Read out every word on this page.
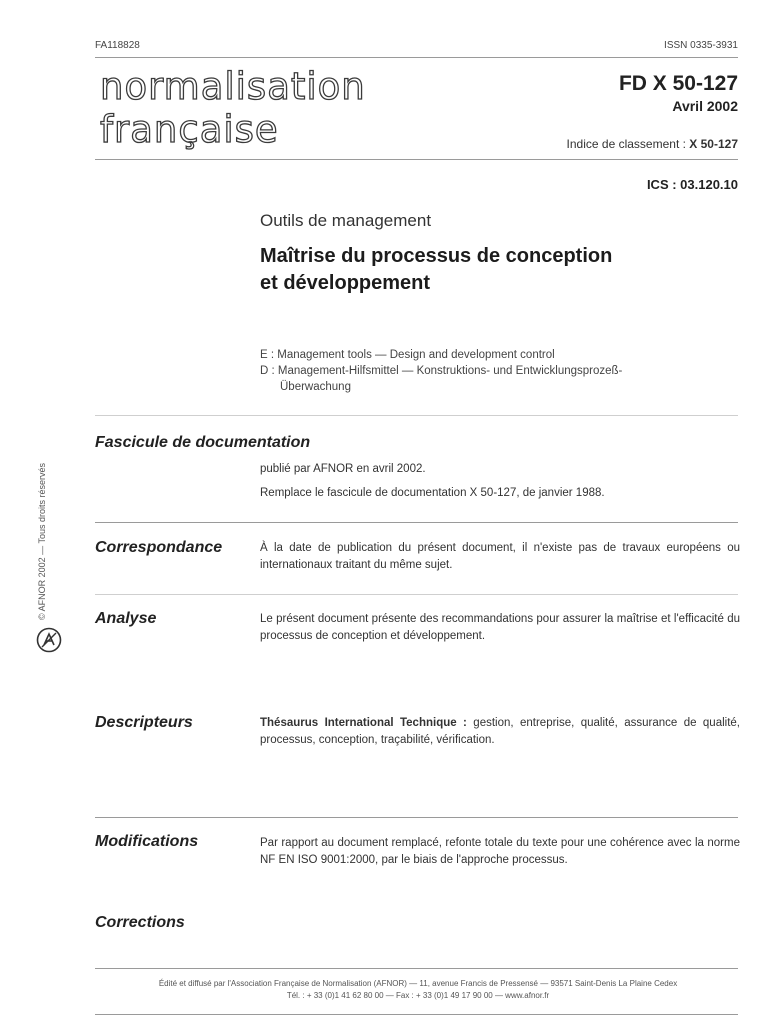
FA118828	ISSN 0335-3931
normalisation
française
FD X 50-127
Avril 2002
Indice de classement : X 50-127
ICS : 03.120.10
Outils de management
Maîtrise du processus de conception
et développement
E : Management tools — Design and development control
D : Management-Hilfsmittel — Konstruktions- und Entwicklungsprozeß-
Überwachung
Fascicule de documentation
publié par AFNOR en avril 2002.
Remplace le fascicule de documentation X 50-127, de janvier 1988.
Correspondance	À la date de publication du présent document, il n'existe pas de travaux européens ou internationaux traitant du même sujet.
Analyse	Le présent document présente des recommandations pour assurer la maîtrise et l'efficacité du processus de conception et développement.
Descripteurs	Thésaurus International Technique : gestion, entreprise, qualité, assurance de qualité, processus, conception, traçabilité, vérification.
Modifications	Par rapport au document remplacé, refonte totale du texte pour une cohérence avec la norme NF EN ISO 9001:2000, par le biais de l'approche processus.
Corrections
Édité et diffusé par l'Association Française de Normalisation (AFNOR) — 11, avenue Francis de Pressensé — 93571 Saint-Denis La Plaine Cedex
Tél. : + 33 (0)1 41 62 80 00 — Fax : + 33 (0)1 49 17 90 00 — www.afnor.fr
© AFNOR 2002 — Tous droits réservés
